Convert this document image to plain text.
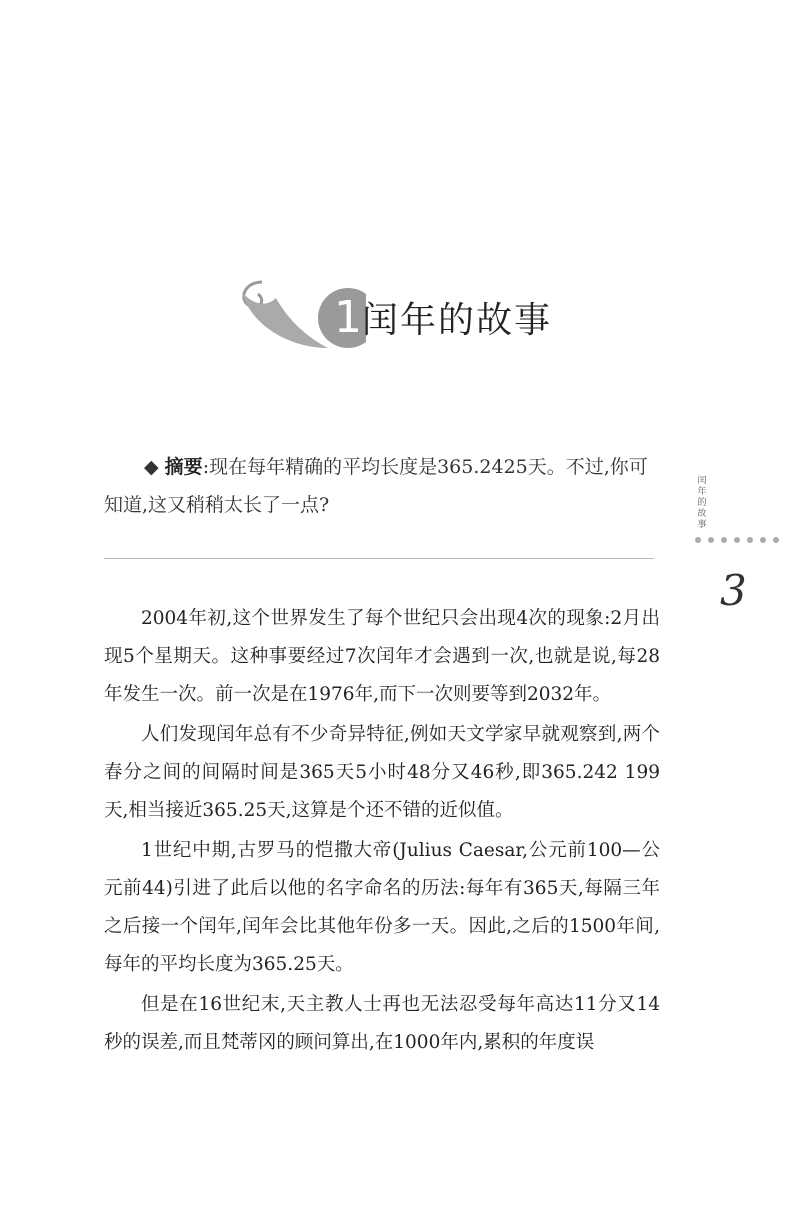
1 闰年的故事
◆ 摘要:现在每年精确的平均长度是365.2425天。不过,你可
知道,这又稍稍太长了一点?
闰
年
的
故
事
3

2004年初,这个世界发生了每个世纪只会出现4次的现象:2月出现5个星期天。这种事要经过7次闰年才会遇到一次,也就是说,每28年发生一次。前一次是在1976年,而下一次则要等到2032年。

人们发现闰年总有不少奇异特征,例如天文学家早就观察到,两个春分之间的间隔时间是365天5小时48分又46秒,即365.242 199天,相当接近365.25天,这算是个还不错的近似值。

1世纪中期,古罗马的恺撒大帝(Julius Caesar,公元前100—公元前44)引进了此后以他的名字命名的历法:每年有365天,每隔三年之后接一个闰年,闰年会比其他年份多一天。因此,之后的1500年间,每年的平均长度为365.25天。

但是在16世纪末,天主教人士再也无法忍受每年高达11分又14秒的误差,而且梵蒂冈的顾问算出,在1000年内,累积的年度误
